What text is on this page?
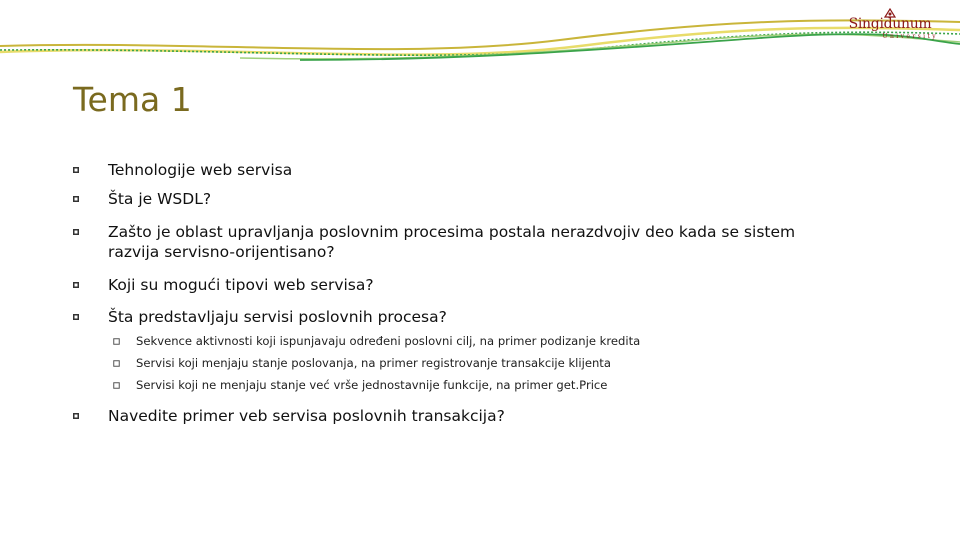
Singidunum
University
Tema 1
Tehnologije web servisa
Šta je WSDL?
Zašto je oblast upravljanja poslovnim procesima postala nerazdvojiv deo kada se sistem razvija servisno-orijentisano?
Koji su mogući tipovi web servisa?
Šta predstavljaju servisi poslovnih procesa?
Sekvence aktivnosti koji ispunjavaju određeni poslovni cilj, na primer podizanje kredita
Servisi koji menjaju stanje poslovanja, na primer registrovanje transakcije klijenta
Servisi koji ne menjaju stanje već vrše jednostavnije funkcije, na primer get.Price
Navedite primer veb servisa poslovnih transakcija?
